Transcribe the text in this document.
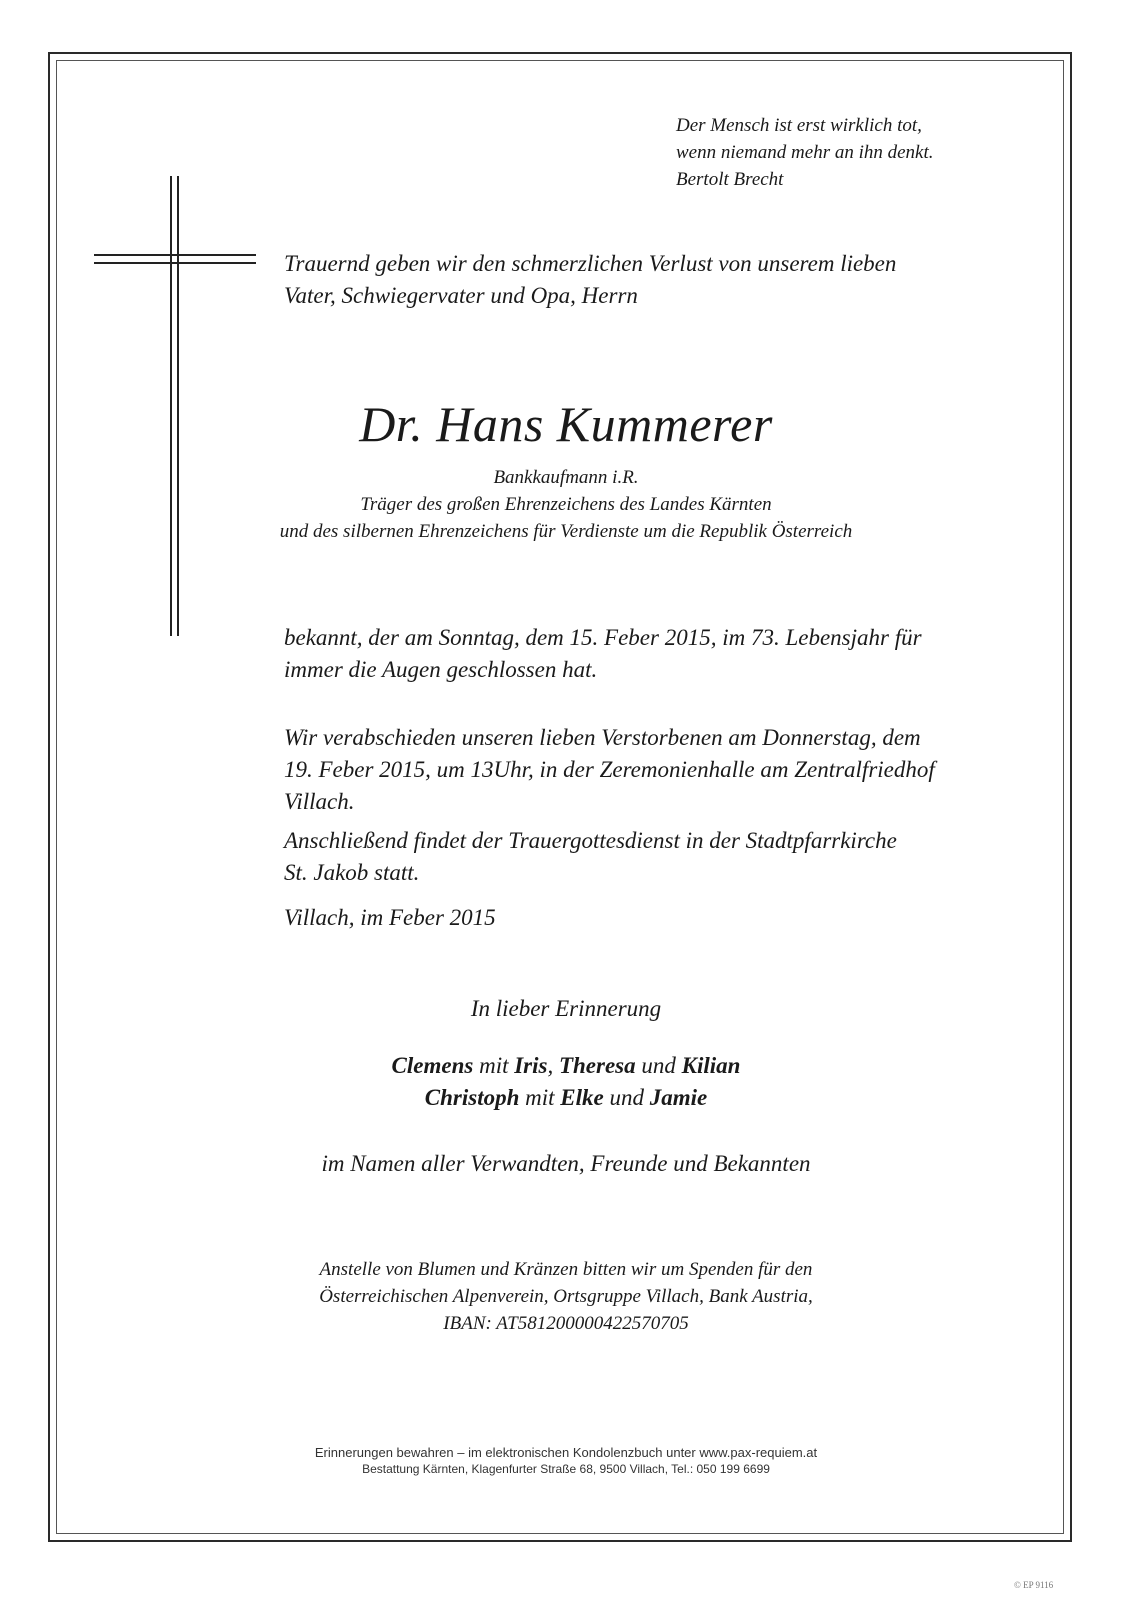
Der Mensch ist erst wirklich tot,
wenn niemand mehr an ihn denkt.
Bertolt Brecht
Trauernd geben wir den schmerzlichen Verlust von unserem lieben
Vater, Schwiegervater und Opa, Herrn
Dr. Hans Kummerer
Bankkaufmann i.R.
Träger des großen Ehrenzeichens des Landes Kärnten
und des silbernen Ehrenzeichens für Verdienste um die Republik Österreich
bekannt, der am Sonntag, dem 15. Feber 2015, im 73. Lebensjahr für
immer die Augen geschlossen hat.
Wir verabschieden unseren lieben Verstorbenen am Donnerstag, dem
19. Feber 2015, um 13Uhr, in der Zeremonienhalle am Zentralfriedhof
Villach.
Anschließend findet der Trauergottesdienst in der Stadtpfarrkirche
St. Jakob statt.
Villach, im Feber 2015
In lieber Erinnerung
Clemens mit Iris, Theresa und Kilian
Christoph mit Elke und Jamie
im Namen aller Verwandten, Freunde und Bekannten
Anstelle von Blumen und Kränzen bitten wir um Spenden für den
Österreichischen Alpenverein, Ortsgruppe Villach, Bank Austria,
IBAN: AT581200000422570705
Erinnerungen bewahren – im elektronischen Kondolenzbuch unter www.pax-requiem.at
Bestattung Kärnten, Klagenfurter Straße 68, 9500 Villach, Tel.: 050 199 6699
© EP 9116
